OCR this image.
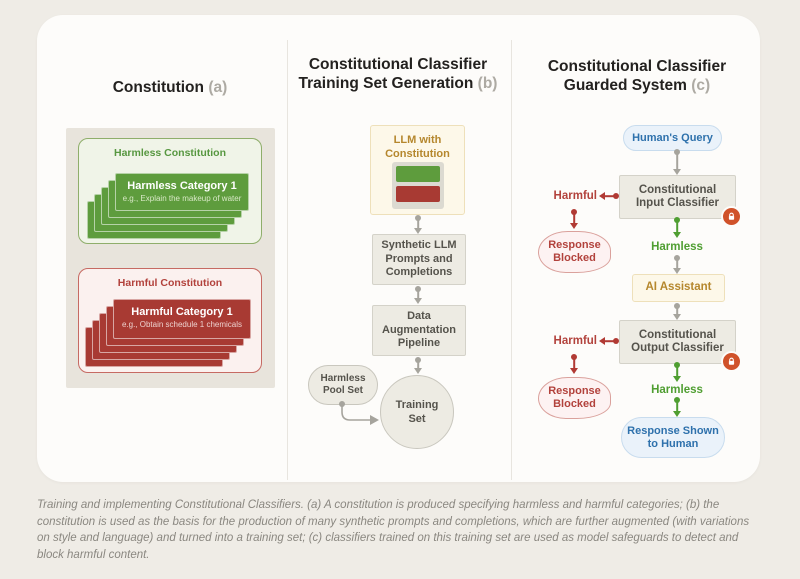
Constitution (a)
Harmless Constitution
Harmless Category 1
e.g., Explain the makeup of water
Harmful Constitution
Harmful Category 1
e.g., Obtain schedule 1 chemicals
Constitutional Classifier
Training Set Generation (b)
LLM with Constitution
Synthetic LLM Prompts and Completions
Data Augmentation Pipeline
Harmless Pool Set
Training Set
Constitutional Classifier
Guarded System (c)
Human's Query
Constitutional Input Classifier
Harmful
Response Blocked
Harmless
AI Assistant
Constitutional Output Classifier
Harmful
Response Blocked
Harmless
Response Shown to Human
Training and implementing Constitutional Classifiers. (a) A constitution is produced specifying harmless and harmful categories; (b) the constitution is used as the basis for the production of many synthetic prompts and completions, which are further augmented (with variations on style and language) and turned into a training set; (c) classifiers trained on this training set are used as model safeguards to detect and block harmful content.
